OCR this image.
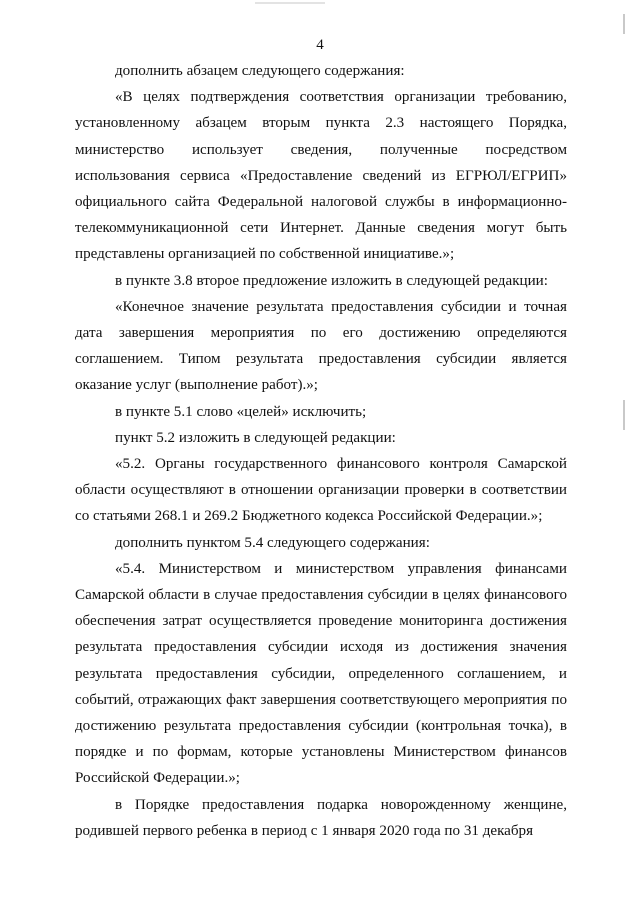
4

дополнить абзацем следующего содержания:

«В целях подтверждения соответствия организации требованию, установленному абзацем вторым пункта 2.3 настоящего Порядка, министерство использует сведения, полученные посредством использования сервиса «Предоставление сведений из ЕГРЮЛ/ЕГРИП» официального сайта Федеральной налоговой службы в информационно-телекоммуникационной сети Интернет. Данные сведения могут быть представлены организацией по собственной инициативе.»;

в пункте 3.8 второе предложение изложить в следующей редакции:

«Конечное значение результата предоставления субсидии и точная дата завершения мероприятия по его достижению определяются соглашением. Типом результата предоставления субсидии является оказание услуг (выполнение работ).»;

в пункте 5.1 слово «целей» исключить;

пункт 5.2 изложить в следующей редакции:

«5.2. Органы государственного финансового контроля Самарской области осуществляют в отношении организации проверки в соответствии со статьями 268.1 и 269.2 Бюджетного кодекса Российской Федерации.»;

дополнить пунктом 5.4 следующего содержания:

«5.4. Министерством и министерством управления финансами Самарской области в случае предоставления субсидии в целях финансового обеспечения затрат осуществляется проведение мониторинга достижения результата предоставления субсидии исходя из достижения значения результата предоставления субсидии, определенного соглашением, и событий, отражающих факт завершения соответствующего мероприятия по достижению результата предоставления субсидии (контрольная точка), в порядке и по формам, которые установлены Министерством финансов Российской Федерации.»;

в Порядке предоставления подарка новорожденному женщине, родившей первого ребенка в период с 1 января 2020 года по 31 декабря
